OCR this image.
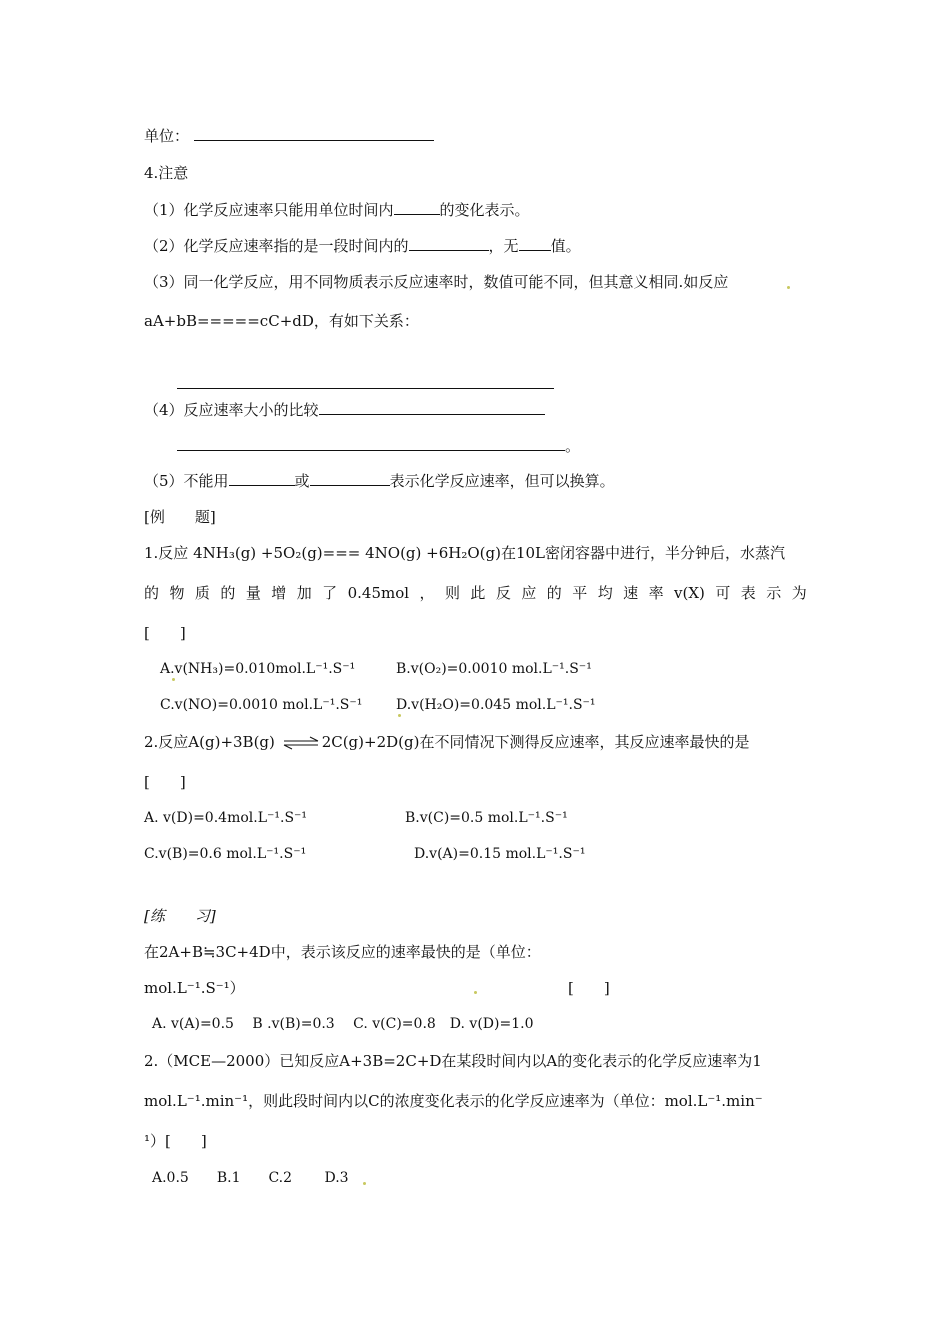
单位：
4.注意
（1）化学反应速率只能用单位时间内	的变化表示。
（2）化学反应速率指的是一段时间内的	，无 值。
（3）同一化学反应，用不同物质表示反应速率时，数值可能不同，但其意义相同.如反应
aA+bB=====cC+dD，有如下关系：
（4）反应速率大小的比较
。
（5）不能用	或	表示化学反应速率，但可以换算。
[例　　题]
1.反应 4NH₃(g) +5O₂(g)=== 4NO(g) +6H₂O(g)在10L密闭容器中进行，半分钟后，水蒸汽
的 物 质 的 量 增 加 了 0.45mol ， 则 此 反 应 的 平 均 速 率 v(X) 可 表 示 为
[　　]
A.v(NH₃)=0.010mol.L⁻¹.S⁻¹	B.v(O₂)=0.0010 mol.L⁻¹.S⁻¹
C.v(NO)=0.0010 mol.L⁻¹.S⁻¹ D.v(H₂O)=0.045 mol.L⁻¹.S⁻¹
2.反应A(g)+3B(g) ⇌2C(g)+2D(g)在不同情况下测得反应速率，其反应速率最快的是
[　　]
A. v(D)=0.4mol.L⁻¹.S⁻¹	B.v(C)=0.5 mol.L⁻¹.S⁻¹
C.v(B)=0.6 mol.L⁻¹.S⁻¹	D.v(A)=0.15 mol.L⁻¹.S⁻¹
[练　　习]
在2A+B≒3C+4D中，表示该反应的速率最快的是（单位：
mol.L⁻¹.S⁻¹）	[　　]
A. v(A)=0.5　 B .v(B)=0.3　 C. v(C)=0.8　D. v(D)=1.0
2.（MCE—2000）已知反应A+3B=2C+D在某段时间内以A的变化表示的化学反应速率为1
mol.L⁻¹.min⁻¹，则此段时间内以C的浓度变化表示的化学反应速率为（单位：mol.L⁻¹.min⁻
¹）[　　]
A.0.5　　B.1　　C.2　　 D.3
